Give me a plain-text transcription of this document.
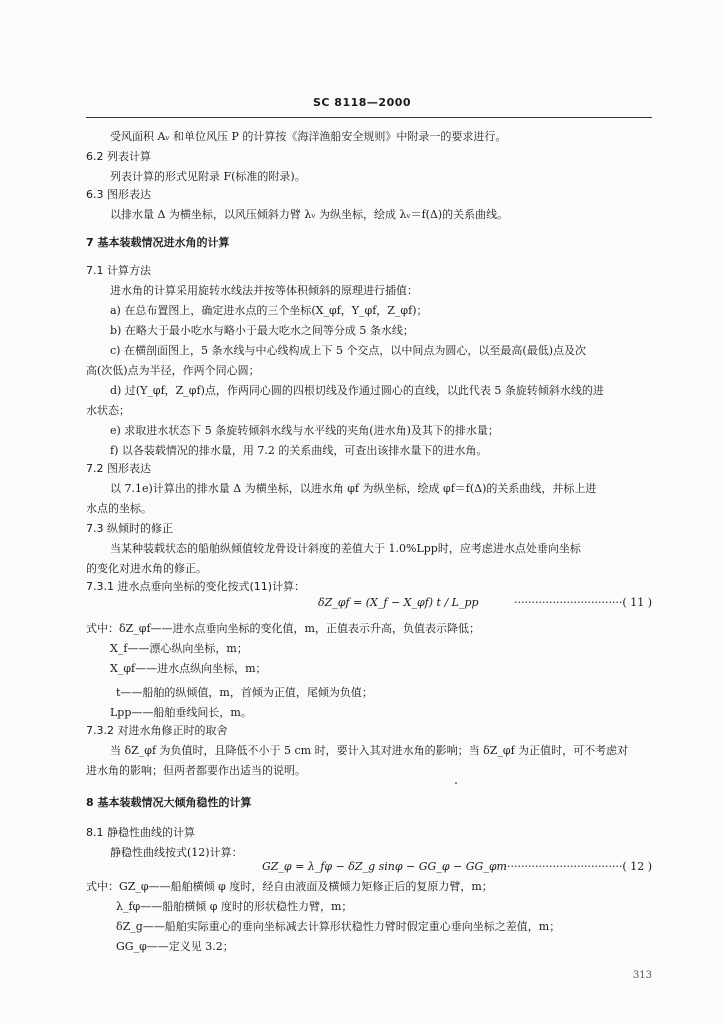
SC 8118—2000
受风面积 Aᵥ 和单位风压 P 的计算按《海洋渔船安全规则》中附录一的要求进行。
6.2 列表计算
列表计算的形式见附录 F(标准的附录)。
6.3 图形表达
以排水量 Δ 为横坐标，以风压倾斜力臂 λᵥ 为纵坐标，绘成 λᵥ＝f(Δ)的关系曲线。
7 基本装载情况进水角的计算
7.1 计算方法
进水角的计算采用旋转水线法并按等体积倾斜的原理进行插值：
a) 在总布置图上，确定进水点的三个坐标(X_φf，Y_φf，Z_φf)；
b) 在略大于最小吃水与略小于最大吃水之间等分成 5 条水线；
c) 在横剖面图上，5 条水线与中心线构成上下 5 个交点，以中间点为圆心，以至最高(最低)点及次
高(次低)点为半径，作两个同心圆；
d) 过(Y_φf，Z_φf)点，作两同心圆的四根切线及作通过圆心的直线，以此代表 5 条旋转倾斜水线的进
水状态；
e) 求取进水状态下 5 条旋转倾斜水线与水平线的夹角(进水角)及其下的排水量；
f) 以各装载情况的排水量，用 7.2 的关系曲线，可查出该排水量下的进水角。
7.2 图形表达
以 7.1e)计算出的排水量 Δ 为横坐标，以进水角 φf 为纵坐标，绘成 φf＝f(Δ)的关系曲线，并标上进
水点的坐标。
7.3 纵倾时的修正
当某种装载状态的船舶纵倾值较龙骨设计斜度的差值大于 1.0%Lpp时，应考虑进水点处垂向坐标
的变化对进水角的修正。
7.3.1 进水点垂向坐标的变化按式(11)计算：
式中：δZ_φf——进水点垂向坐标的变化值，m，正值表示升高，负值表示降低；
X_f——漂心纵向坐标，m；
X_φf——进水点纵向坐标，m；
t——船舶的纵倾值，m，首倾为正值，尾倾为负值；
Lpp——船舶垂线间长，m。
7.3.2 对进水角修正时的取舍
当 δZ_φf 为负值时，且降低不小于 5 cm 时，要计入其对进水角的影响；当 δZ_φf 为正值时，可不考虑对
进水角的影响；但两者都要作出适当的说明。
8 基本装载情况大倾角稳性的计算
8.1 静稳性曲线的计算
静稳性曲线按式(12)计算：
式中：GZ_φ——船舶横倾 φ 度时，经自由液面及横倾力矩修正后的复原力臂，m；
λ_fφ——船舶横倾 φ 度时的形状稳性力臂，m；
δZ_g——船舶实际重心的垂向坐标减去计算形状稳性力臂时假定重心垂向坐标之差值，m；
GG_φ——定义见 3.2；
δZ_φf = (X_f − X_φf) t / L_pp	·······························( 11 )
GZ_φ = λ_fφ − δZ_g sinφ − GG_φ − GG_φm
··································( 12 )
313
